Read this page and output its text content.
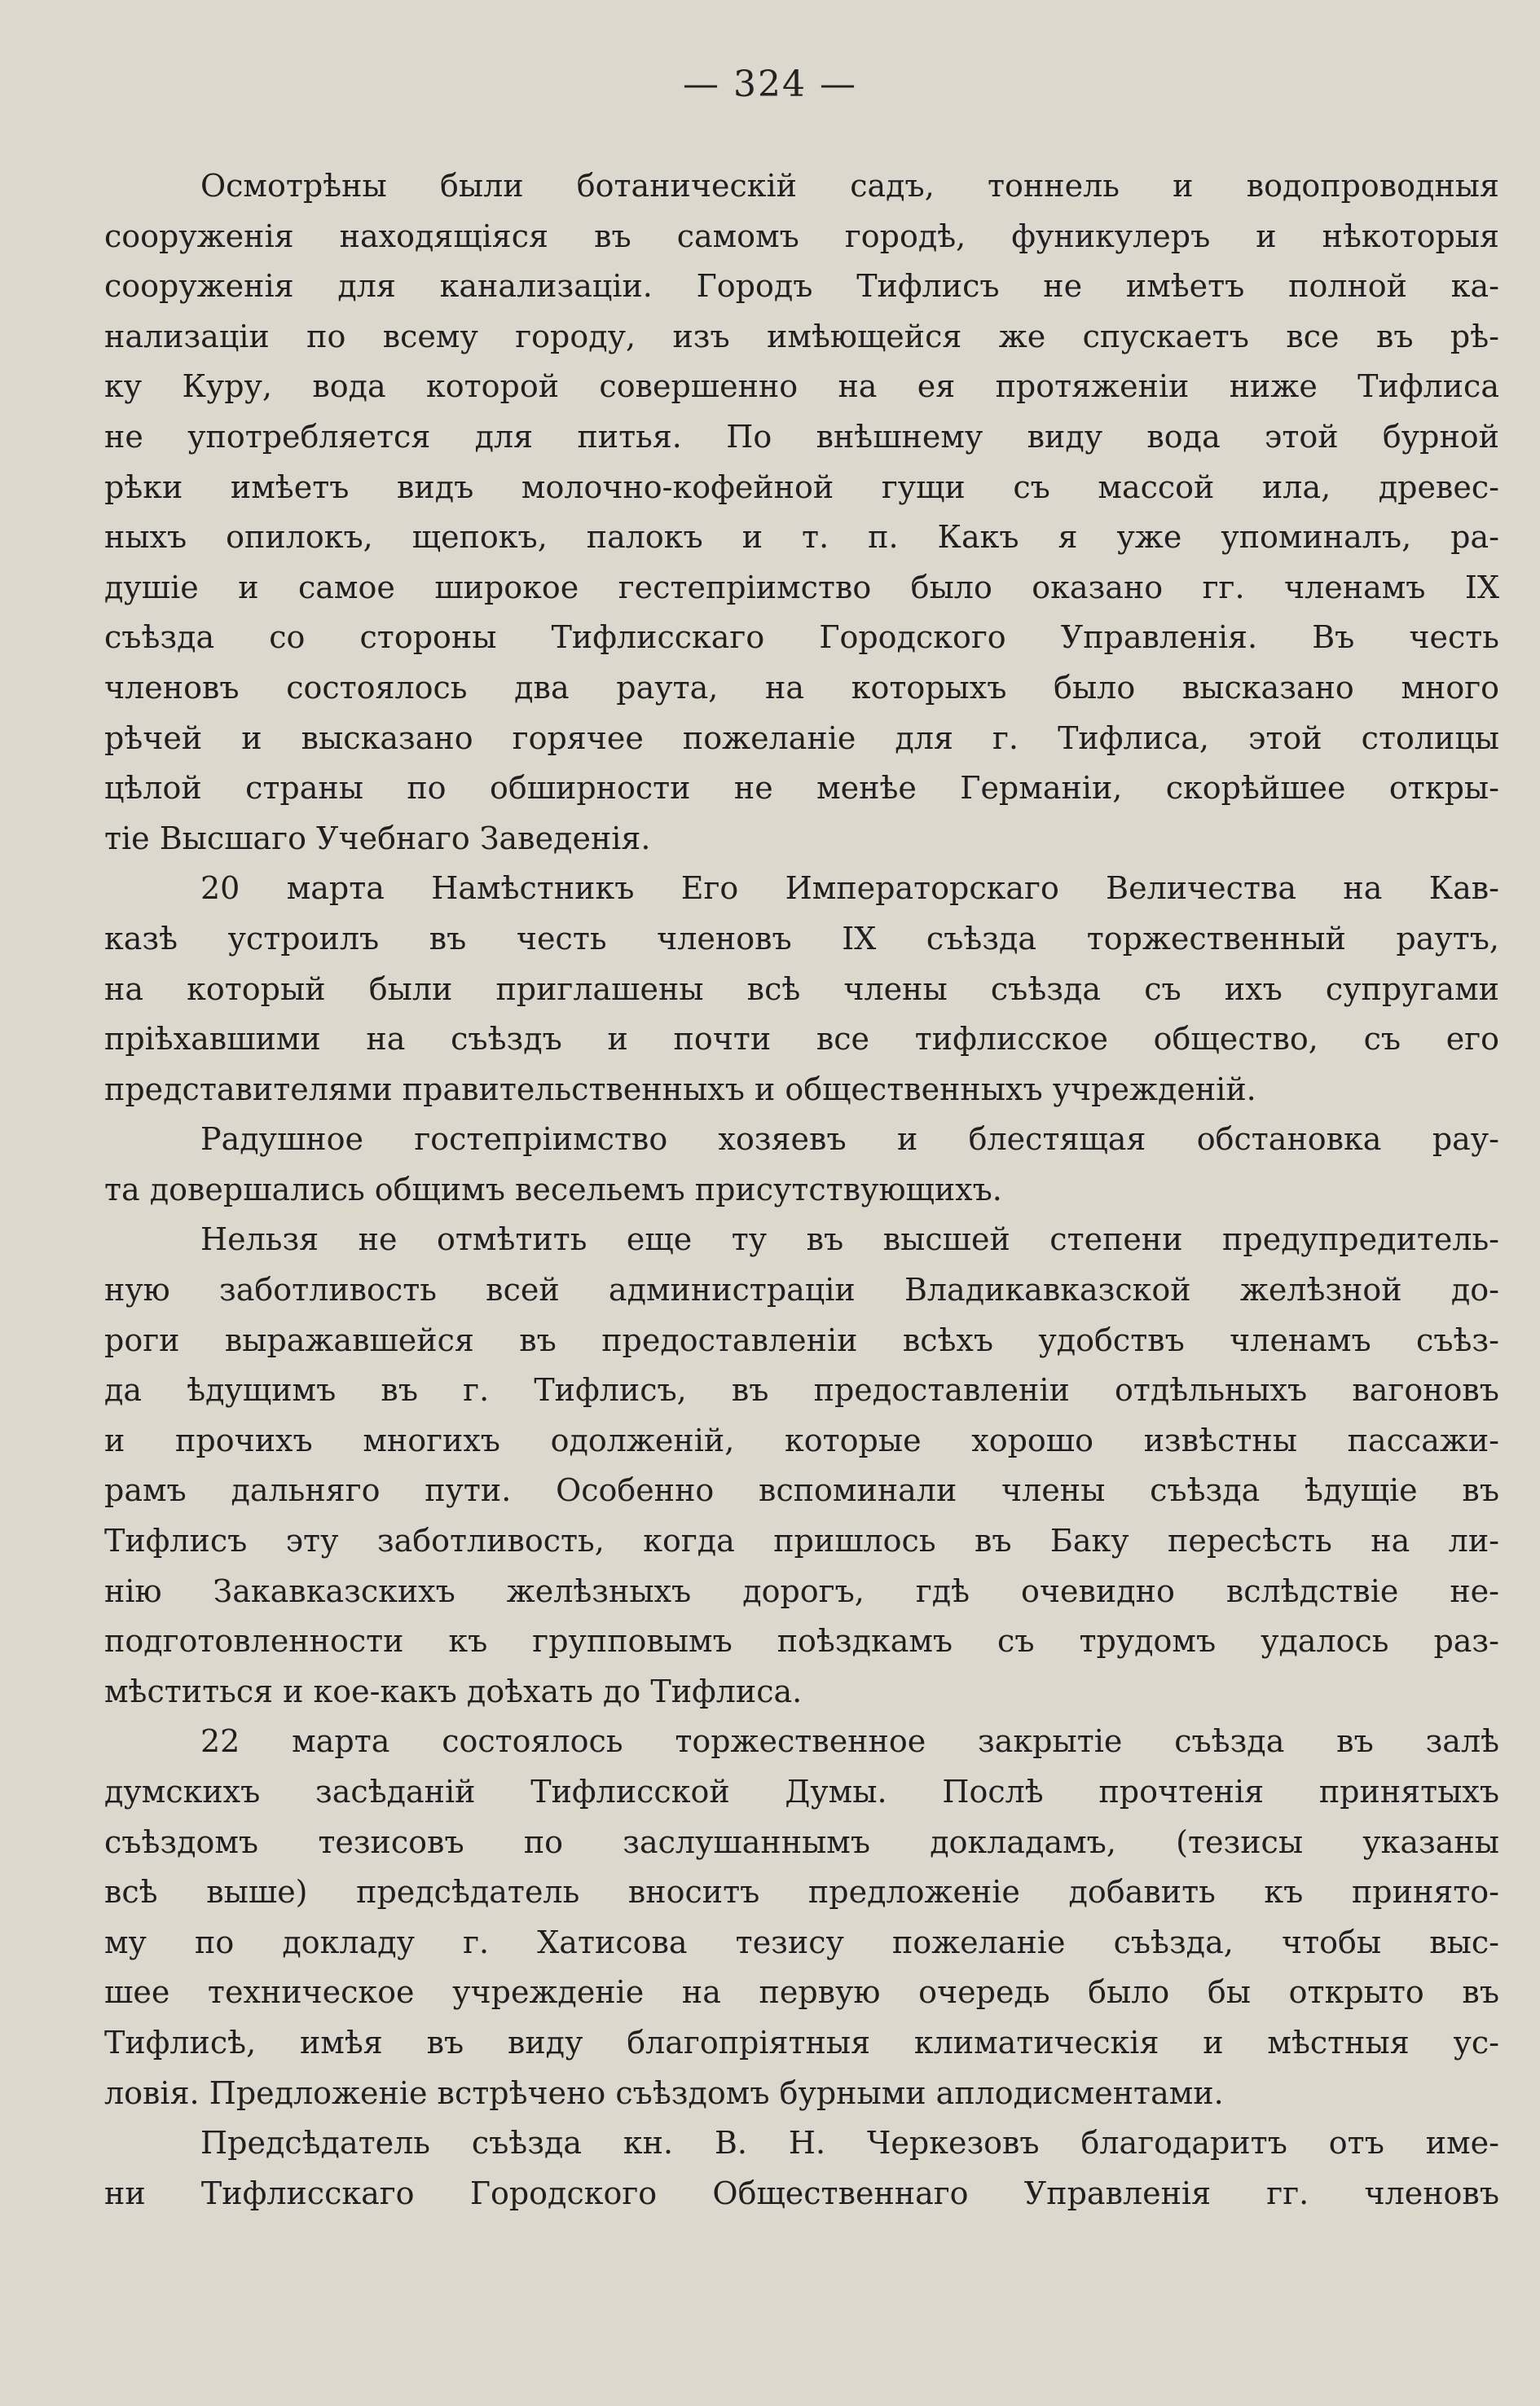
— 324 —
Осмотрѣны были ботаническій садъ, тоннель и водопроводныя
сооруженія находящіяся въ самомъ городѣ, фуникулеръ и нѣкоторыя
сооруженія для канализаціи. Городъ Тифлисъ не имѣетъ полной ка-
нализаціи по всему городу, изъ имѣющейся же спускаетъ все въ рѣ-
ку Куру, вода которой совершенно на ея протяженіи ниже Тифлиса
не употребляется для питья. По внѣшнему виду вода этой бурной
рѣки имѣетъ видъ молочно-кофейной гущи съ массой ила, древес-
ныхъ опилокъ, щепокъ, палокъ и т. п. Какъ я уже упоминалъ, ра-
душіе и самое широкое гестепріимство было оказано гг. членамъ IX
съѣзда со стороны Тифлисскаго Городского Управленія. Въ честь
членовъ состоялось два раута, на которыхъ было высказано много
рѣчей и высказано горячее пожеланіе для г. Тифлиса, этой столицы
цѣлой страны по обширности не менѣе Германіи, скорѣйшее откры-
тіе Высшаго Учебнаго Заведенія.
20 марта Намѣстникъ Его Императорскаго Величества на Кав-
казѣ устроилъ въ честь членовъ IX съѣзда торжественный раутъ,
на который были приглашены всѣ члены съѣзда съ ихъ супругами
пріѣхавшими на съѣздъ и почти все тифлисское общество, съ его
представителями правительственныхъ и общественныхъ учрежденій.
Радушное гостепріимство хозяевъ и блестящая обстановка рау-
та довершались общимъ весельемъ присутствующихъ.
Нельзя не отмѣтить еще ту въ высшей степени предупредитель-
ную заботливость всей администраціи Владикавказской желѣзной до-
роги выражавшейся въ предоставленіи всѣхъ удобствъ членамъ съѣз-
да ѣдущимъ въ г. Тифлисъ, въ предоставленіи отдѣльныхъ вагоновъ
и прочихъ многихъ одолженій, которые хорошо извѣстны пассажи-
рамъ дальняго пути. Особенно вспоминали члены съѣзда ѣдущіе въ
Тифлисъ эту заботливость, когда пришлось въ Баку пересѣсть на ли-
нію Закавказскихъ желѣзныхъ дорогъ, гдѣ очевидно вслѣдствіе не-
подготовленности къ групповымъ поѣздкамъ съ трудомъ удалось раз-
мѣститься и кое-какъ доѣхать до Тифлиса.
22 марта состоялось торжественное закрытіе съѣзда въ залѣ
думскихъ засѣданій Тифлисской Думы. Послѣ прочтенія принятыхъ
съѣздомъ тезисовъ по заслушаннымъ докладамъ, (тезисы указаны
всѣ выше) предсѣдатель вноситъ предложеніе добавить къ принято-
му по докладу г. Хатисова тезису пожеланіе съѣзда, чтобы выс-
шее техническое учрежденіе на первую очередь было бы открыто въ
Тифлисѣ, имѣя въ виду благопріятныя климатическія и мѣстныя ус-
ловія. Предложеніе встрѣчено съѣздомъ бурными аплодисментами.
Предсѣдатель съѣзда кн. В. Н. Черкезовъ благодаритъ отъ име-
ни Тифлисскаго Городского Общественнаго Управленія гг. членовъ
